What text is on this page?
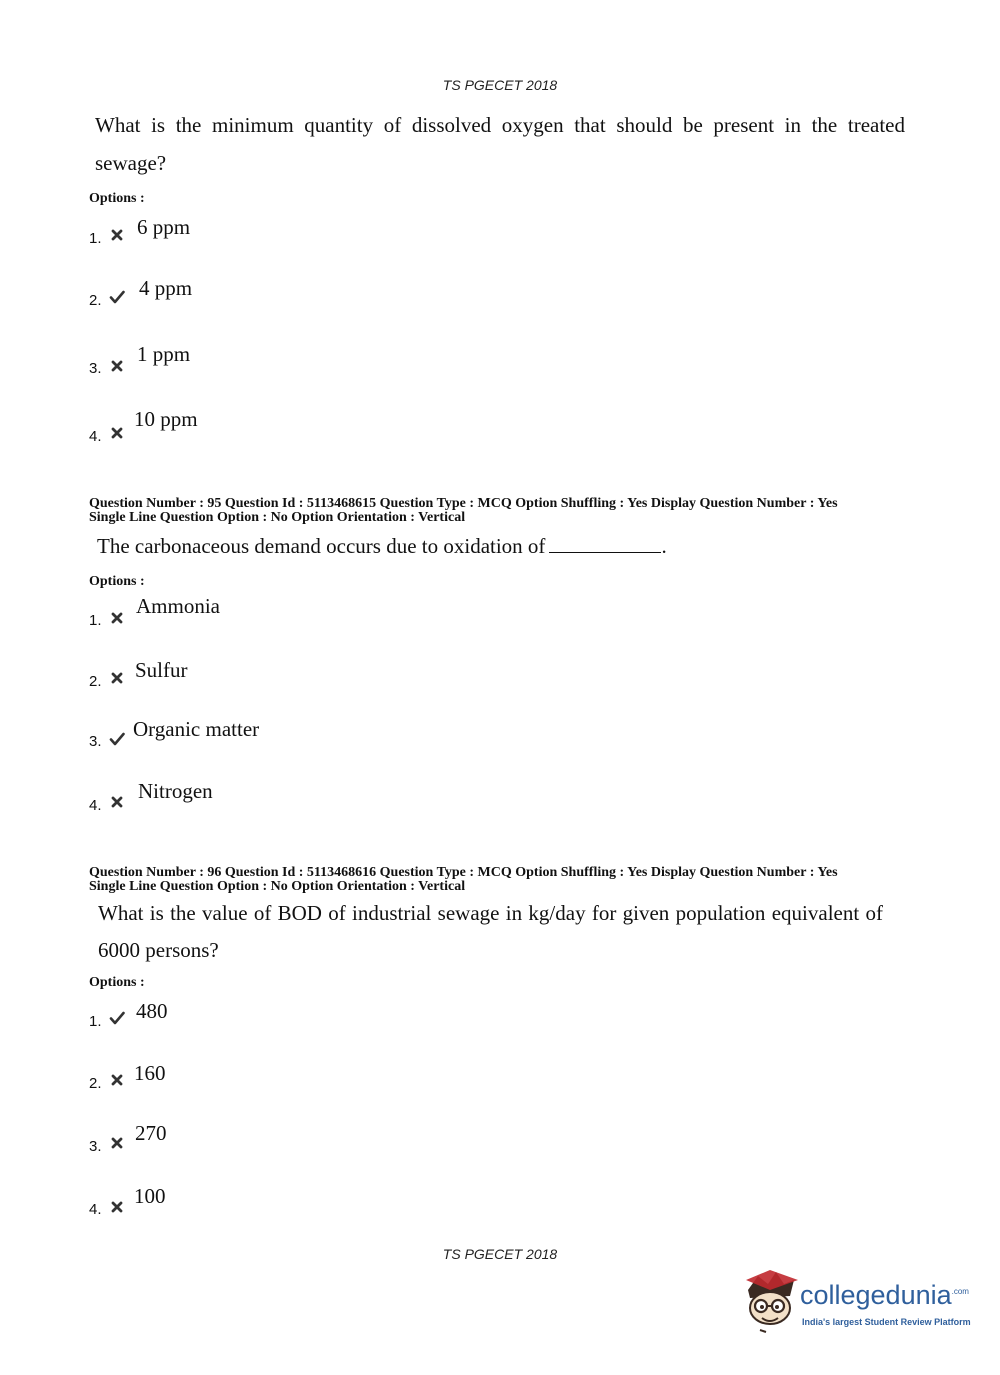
TS PGECET 2018
What is the minimum quantity of dissolved oxygen that should be present in the treated sewage?
Options :
1. 6 ppm
2.
4 ppm
3.
1 ppm
4.
10 ppm
Question Number : 95 Question Id : 5113468615 Question Type : MCQ Option Shuffling : Yes Display Question Number : Yes
Single Line Question Option : No Option Orientation : Vertical
The carbonaceous demand occurs due to oxidation of	.
Options :
1.
Ammonia
2. Sulfur
3.
Organic matter
4.
Nitrogen
Question Number : 96 Question Id : 5113468616 Question Type : MCQ Option Shuffling : Yes Display Question Number : Yes
Single Line Question Option : No Option Orientation : Vertical
What is the value of BOD of industrial sewage in kg/day for given population equivalent of 6000 persons?
Options :
1. 480
2. 160
3.
270
4.
100
TS PGECET 2018
collegedunia$^{.com}$
India's largest Student Review Platform
